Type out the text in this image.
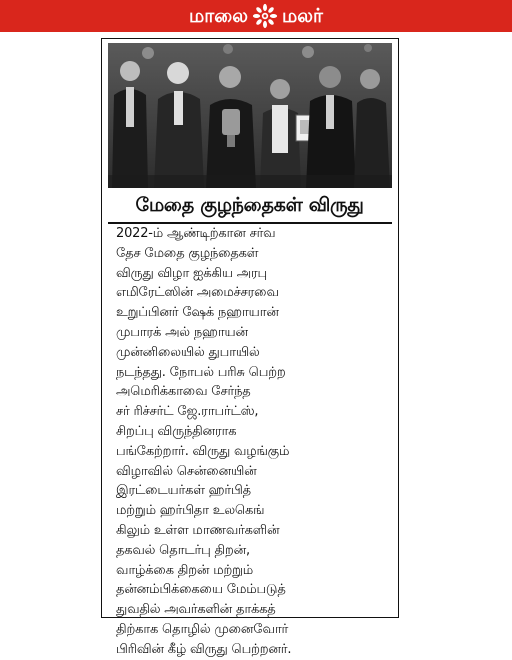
மாலை மலர்
மேதை குழந்தைகள் விருது
2022-ம் ஆண்டிற்கான சர்வ
தேச மேதை குழந்தைகள்
விருது விழா ஐக்கிய அரபு
எமிரேட்ஸின் அமைச்சரவை
உறுப்பினர் ஷேக் நஹாயான்
முபாரக் அல் நஹாயன்
முன்னிலையில் துபாயில்
நடந்தது. நோபல் பரிசு பெற்ற
அமெரிக்காவை சேர்ந்த
சர் ரிச்சர்ட் ஜே.ராபர்ட்ஸ்,
சிறப்பு விருந்தினராக
பங்கேற்றார். விருது வழங்கும்
விழாவில் சென்னையின்
இரட்டையர்கள் ஹர்பித்
மற்றும் ஹர்பிதா உலகெங்
கிலும் உள்ள மாணவர்களின்
தகவல் தொடர்பு திறன்,
வாழ்க்கை திறன் மற்றும்
தன்னம்பிக்கையை மேம்படுத்
துவதில் அவர்களின் தாக்கத்
திற்காக தொழில் முனைவோர்
பிரிவின் கீழ் விருது பெற்றனர்.
